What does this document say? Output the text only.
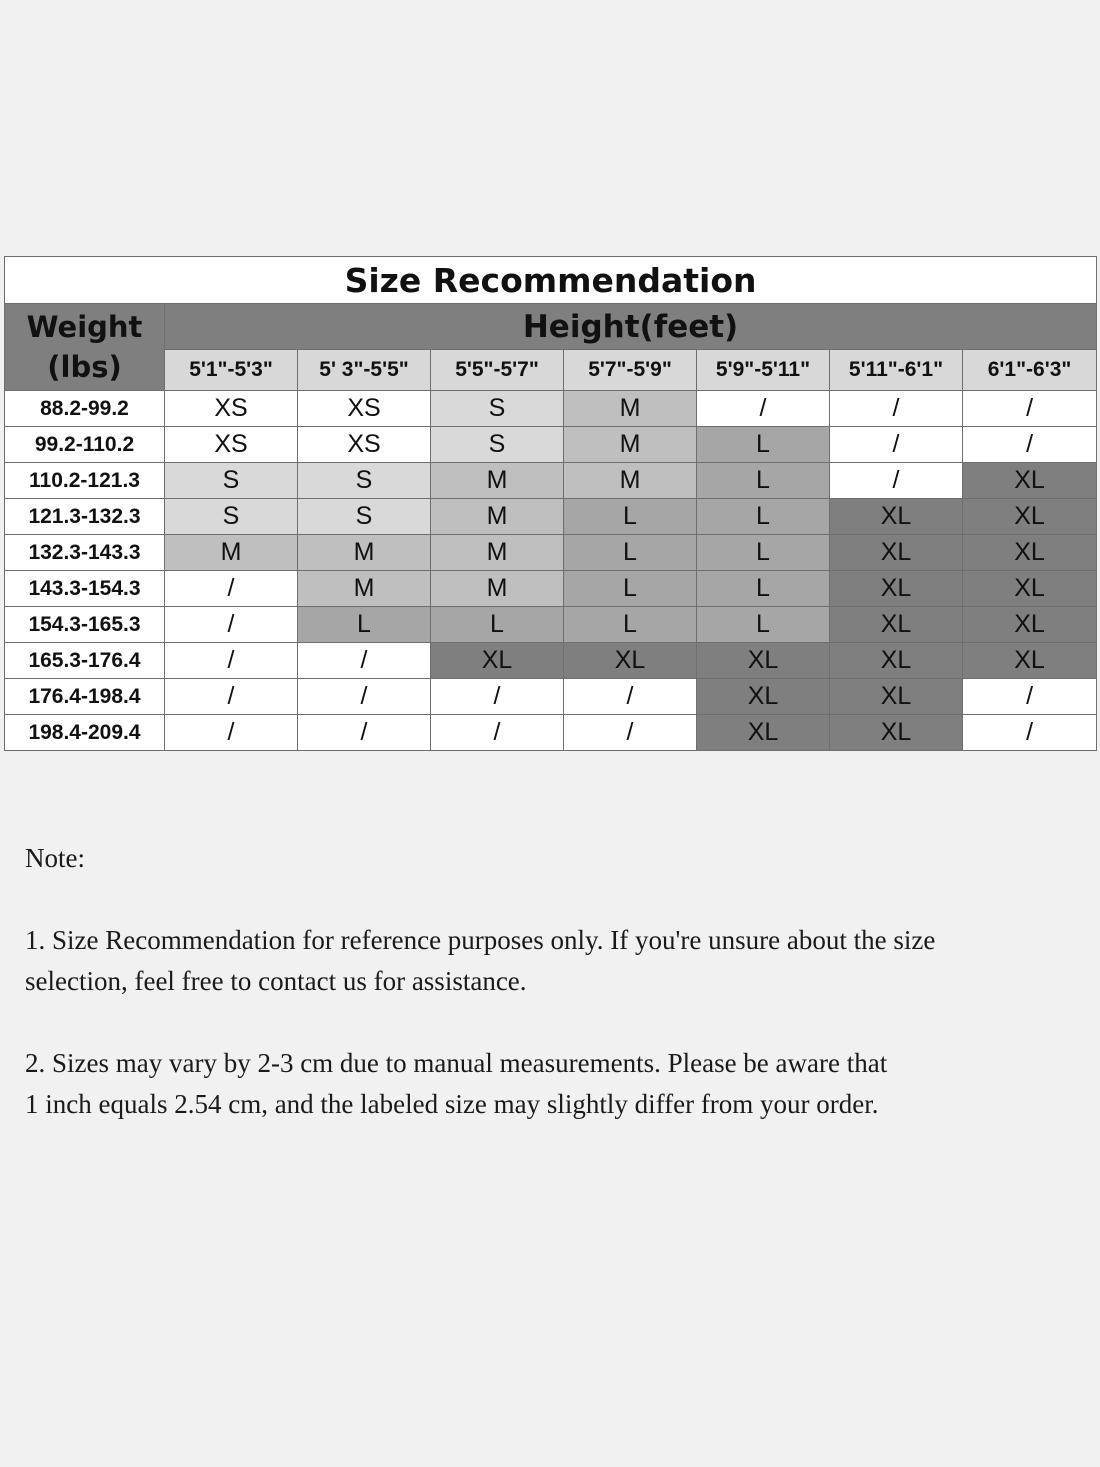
Size Recommendation							
Weight
(lbs)	Height(feet)						
	5'1"-5'3"	5' 3"-5'5"	5'5"-5'7"	5'7"-5'9"	5'9"-5'11"	5'11"-6'1"	6'1"-6'3"
88.2-99.2	XS	XS	S	M	/	/	/
99.2-110.2	XS	XS	S	M	L	/	/
110.2-121.3	S	S	M	M	L	/	XL
121.3-132.3	S	S	M	L	L	XL	XL
132.3-143.3	M	M	M	L	L	XL	XL
143.3-154.3	/	M	M	L	L	XL	XL
154.3-165.3	/	L	L	L	L	XL	XL
165.3-176.4	/	/	XL	XL	XL	XL	XL
176.4-198.4	/	/	/	/	XL	XL	/
198.4-209.4	/	/	/	/	XL	XL	/

Note:

1. Size Recommendation for reference purposes only. If you're unsure about the size
selection, feel free to contact us for assistance.

2. Sizes may vary by 2-3 cm due to manual measurements. Please be aware that
1 inch equals 2.54 cm, and the labeled size may slightly differ from your order.
